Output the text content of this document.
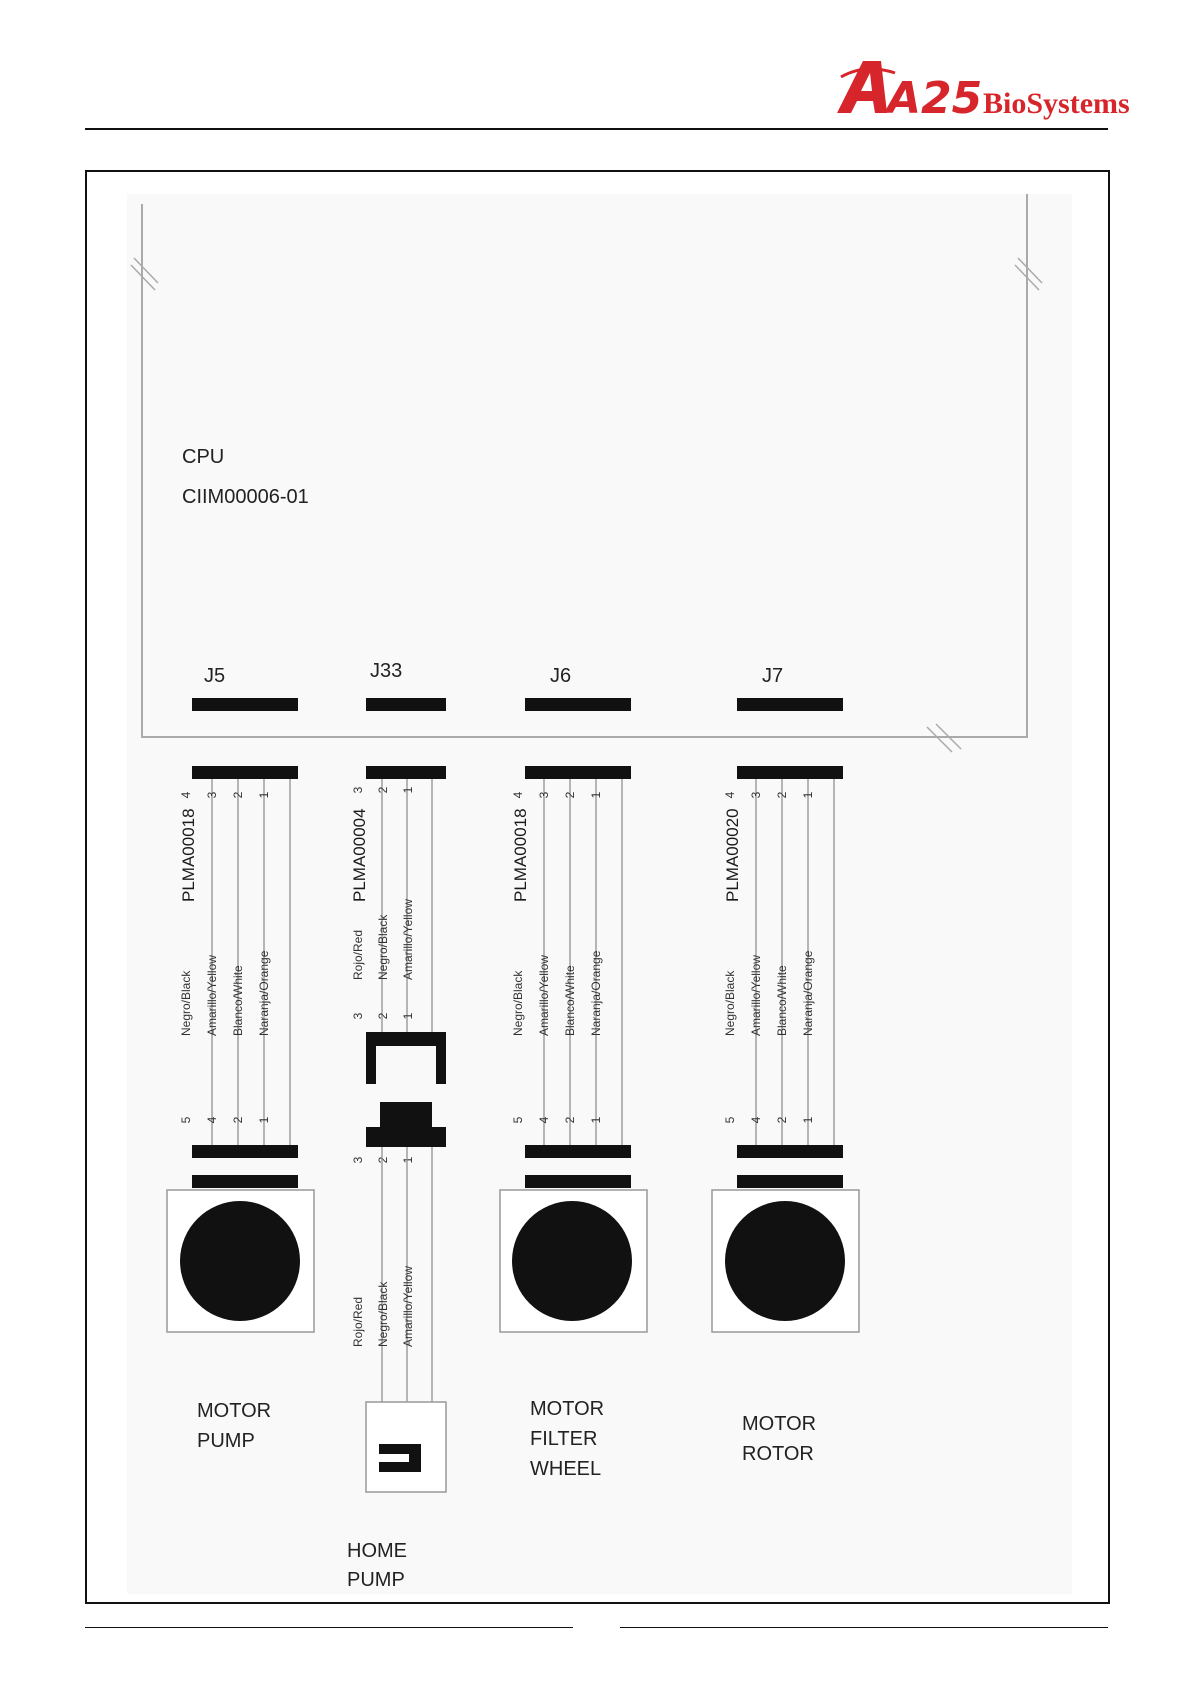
A25 BioSystems
CPU
CIIM00006-01
J5	J33	J6	J7
4 3 2 1
PLMA00018
Negro/Black Amarillo/Yellow Blanco/White Naranja/Orange
5 4 2 1
3 2 1
PLMA00004
Rojo/Red Negro/Black Amarillo/Yellow
3 2 1
3 2 1
Rojo/Red Negro/Black Amarillo/Yellow
4 3 2 1
PLMA00018
Negro/Black Amarillo/Yellow Blanco/White Naranja/Orange
5 4 2 1
4 3 2 1
PLMA00020
Negro/Black Amarillo/Yellow Blanco/White Naranja/Orange
5 4 2 1
MOTOR
PUMP
MOTOR
FILTER
WHEEL
MOTOR
ROTOR
HOME
PUMP
